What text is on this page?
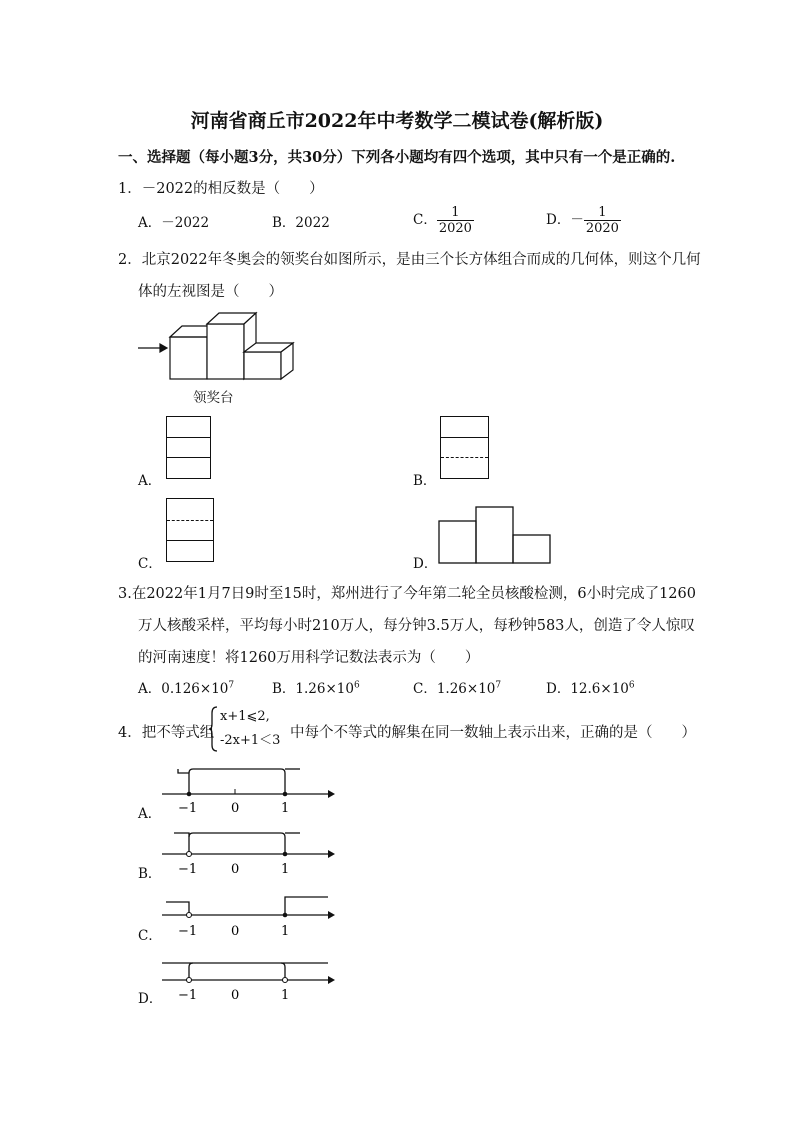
河南省商丘市2022年中考数学二模试卷(解析版)
一、选择题（每小题3分，共30分）下列各小题均有四个选项，其中只有一个是正确的.
1．－2022的相反数是（　　）
A．－2022	B．2022	C． $\frac{1}{2020}$	D．－ $\frac{1}{2020}$
2．北京2022年冬奥会的领奖台如图所示，是由三个长方体组合而成的几何体，则这个几何
体的左视图是（　　）
领奖台
A．	B．
C．	D．
3.在2022年1月7日9时至15时，郑州进行了今年第二轮全员核酸检测，6小时完成了1260
万人核酸采样，平均每小时210万人，每分钟3.5万人，每秒钟583人，创造了令人惊叹
的河南速度！将1260万用科学记数法表示为（　　）
A．$0.126\times 10^7$	B．$1.26\times 10^6$	C．$1.26\times 10^7$	D．$12.6\times 10^6$
4．把不等式组
x+1⩽2,
-2x+1＜3 中每个不等式的解集在同一数轴上表示出来，正确的是（　　）
A． −1	0	1
B． −1	0	1
C． −1	0	1
D． −1	0	1
